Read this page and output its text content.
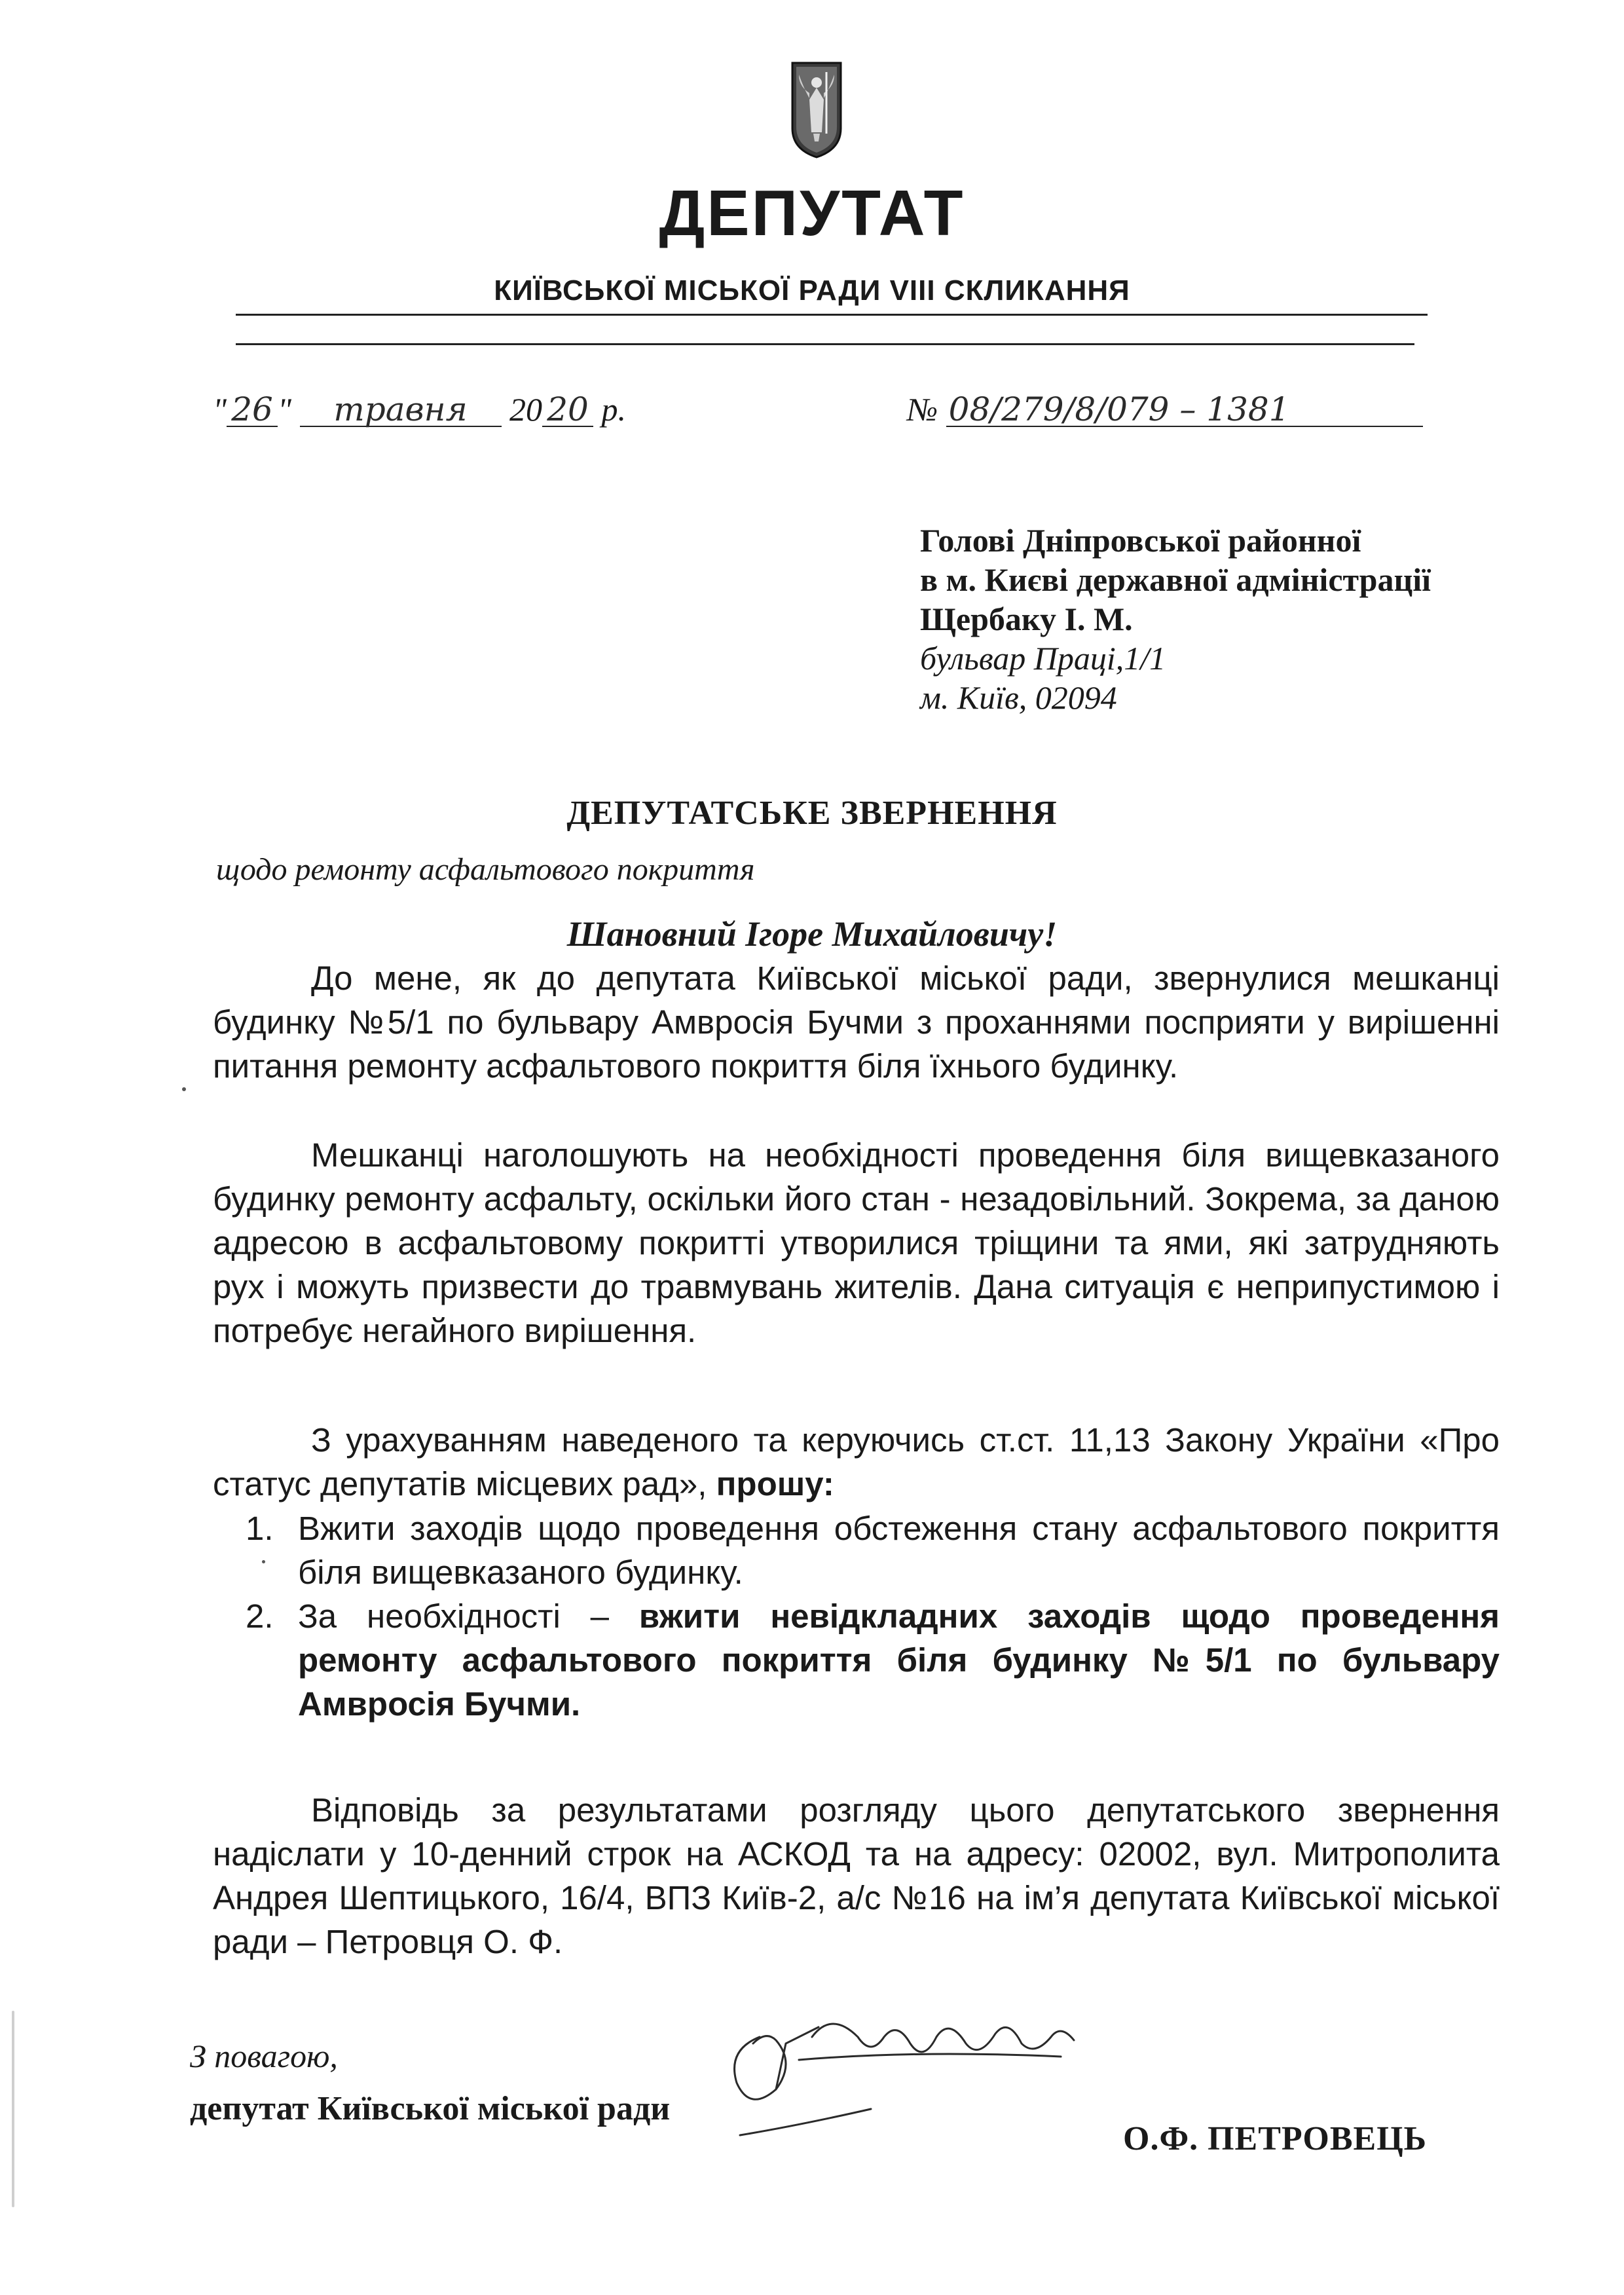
ДЕПУТАТ
КИЇВСЬКОЇ МІСЬКОЇ РАДИ VIII СКЛИКАННЯ
" 26 " травня 20 20 р.	№ 08/279/8/079 – 1381
Голові Дніпровської районної
в м. Києві державної адміністрації
Щербаку І. М.
бульвар Праці,1/1
м. Київ, 02094
ДЕПУТАТСЬКЕ ЗВЕРНЕННЯ
щодо ремонту асфальтового покриття
Шановний Ігоре Михайловичу!
До мене, як до депутата Київської міської ради, звернулися мешканці будинку №5/1 по бульвару Амвросія Бучми з проханнями посприяти у вирішенні питання ремонту асфальтового покриття біля їхнього будинку.
Мешканці наголошують на необхідності проведення біля вищевказаного будинку ремонту асфальту, оскільки його стан - незадовільний. Зокрема, за даною адресою в асфальтовому покритті утворилися тріщини та ями, які затрудняють рух і можуть призвести до травмувань жителів. Дана ситуація є неприпустимою і потребує негайного вирішення.
З урахуванням наведеного та керуючись ст.ст. 11,13 Закону України «Про статус депутатів місцевих рад», прошу:
1. Вжити заходів щодо проведення обстеження стану асфальтового покриття біля вищевказаного будинку.
2. За необхідності – вжити невідкладних заходів щодо проведення ремонту асфальтового покриття біля будинку №5/1 по бульвару Амвросія Бучми.
Відповідь за результатами розгляду цього депутатського звернення надіслати у 10-денний строк на АСКОД та на адресу: 02002, вул. Митрополита Андрея Шептицького, 16/4, ВПЗ Київ-2, а/с №16 на ім’я депутата Київської міської ради – Петровця О. Ф.
З повагою,
депутат Київської міської ради
О.Ф. ПЕТРОВЕЦЬ
